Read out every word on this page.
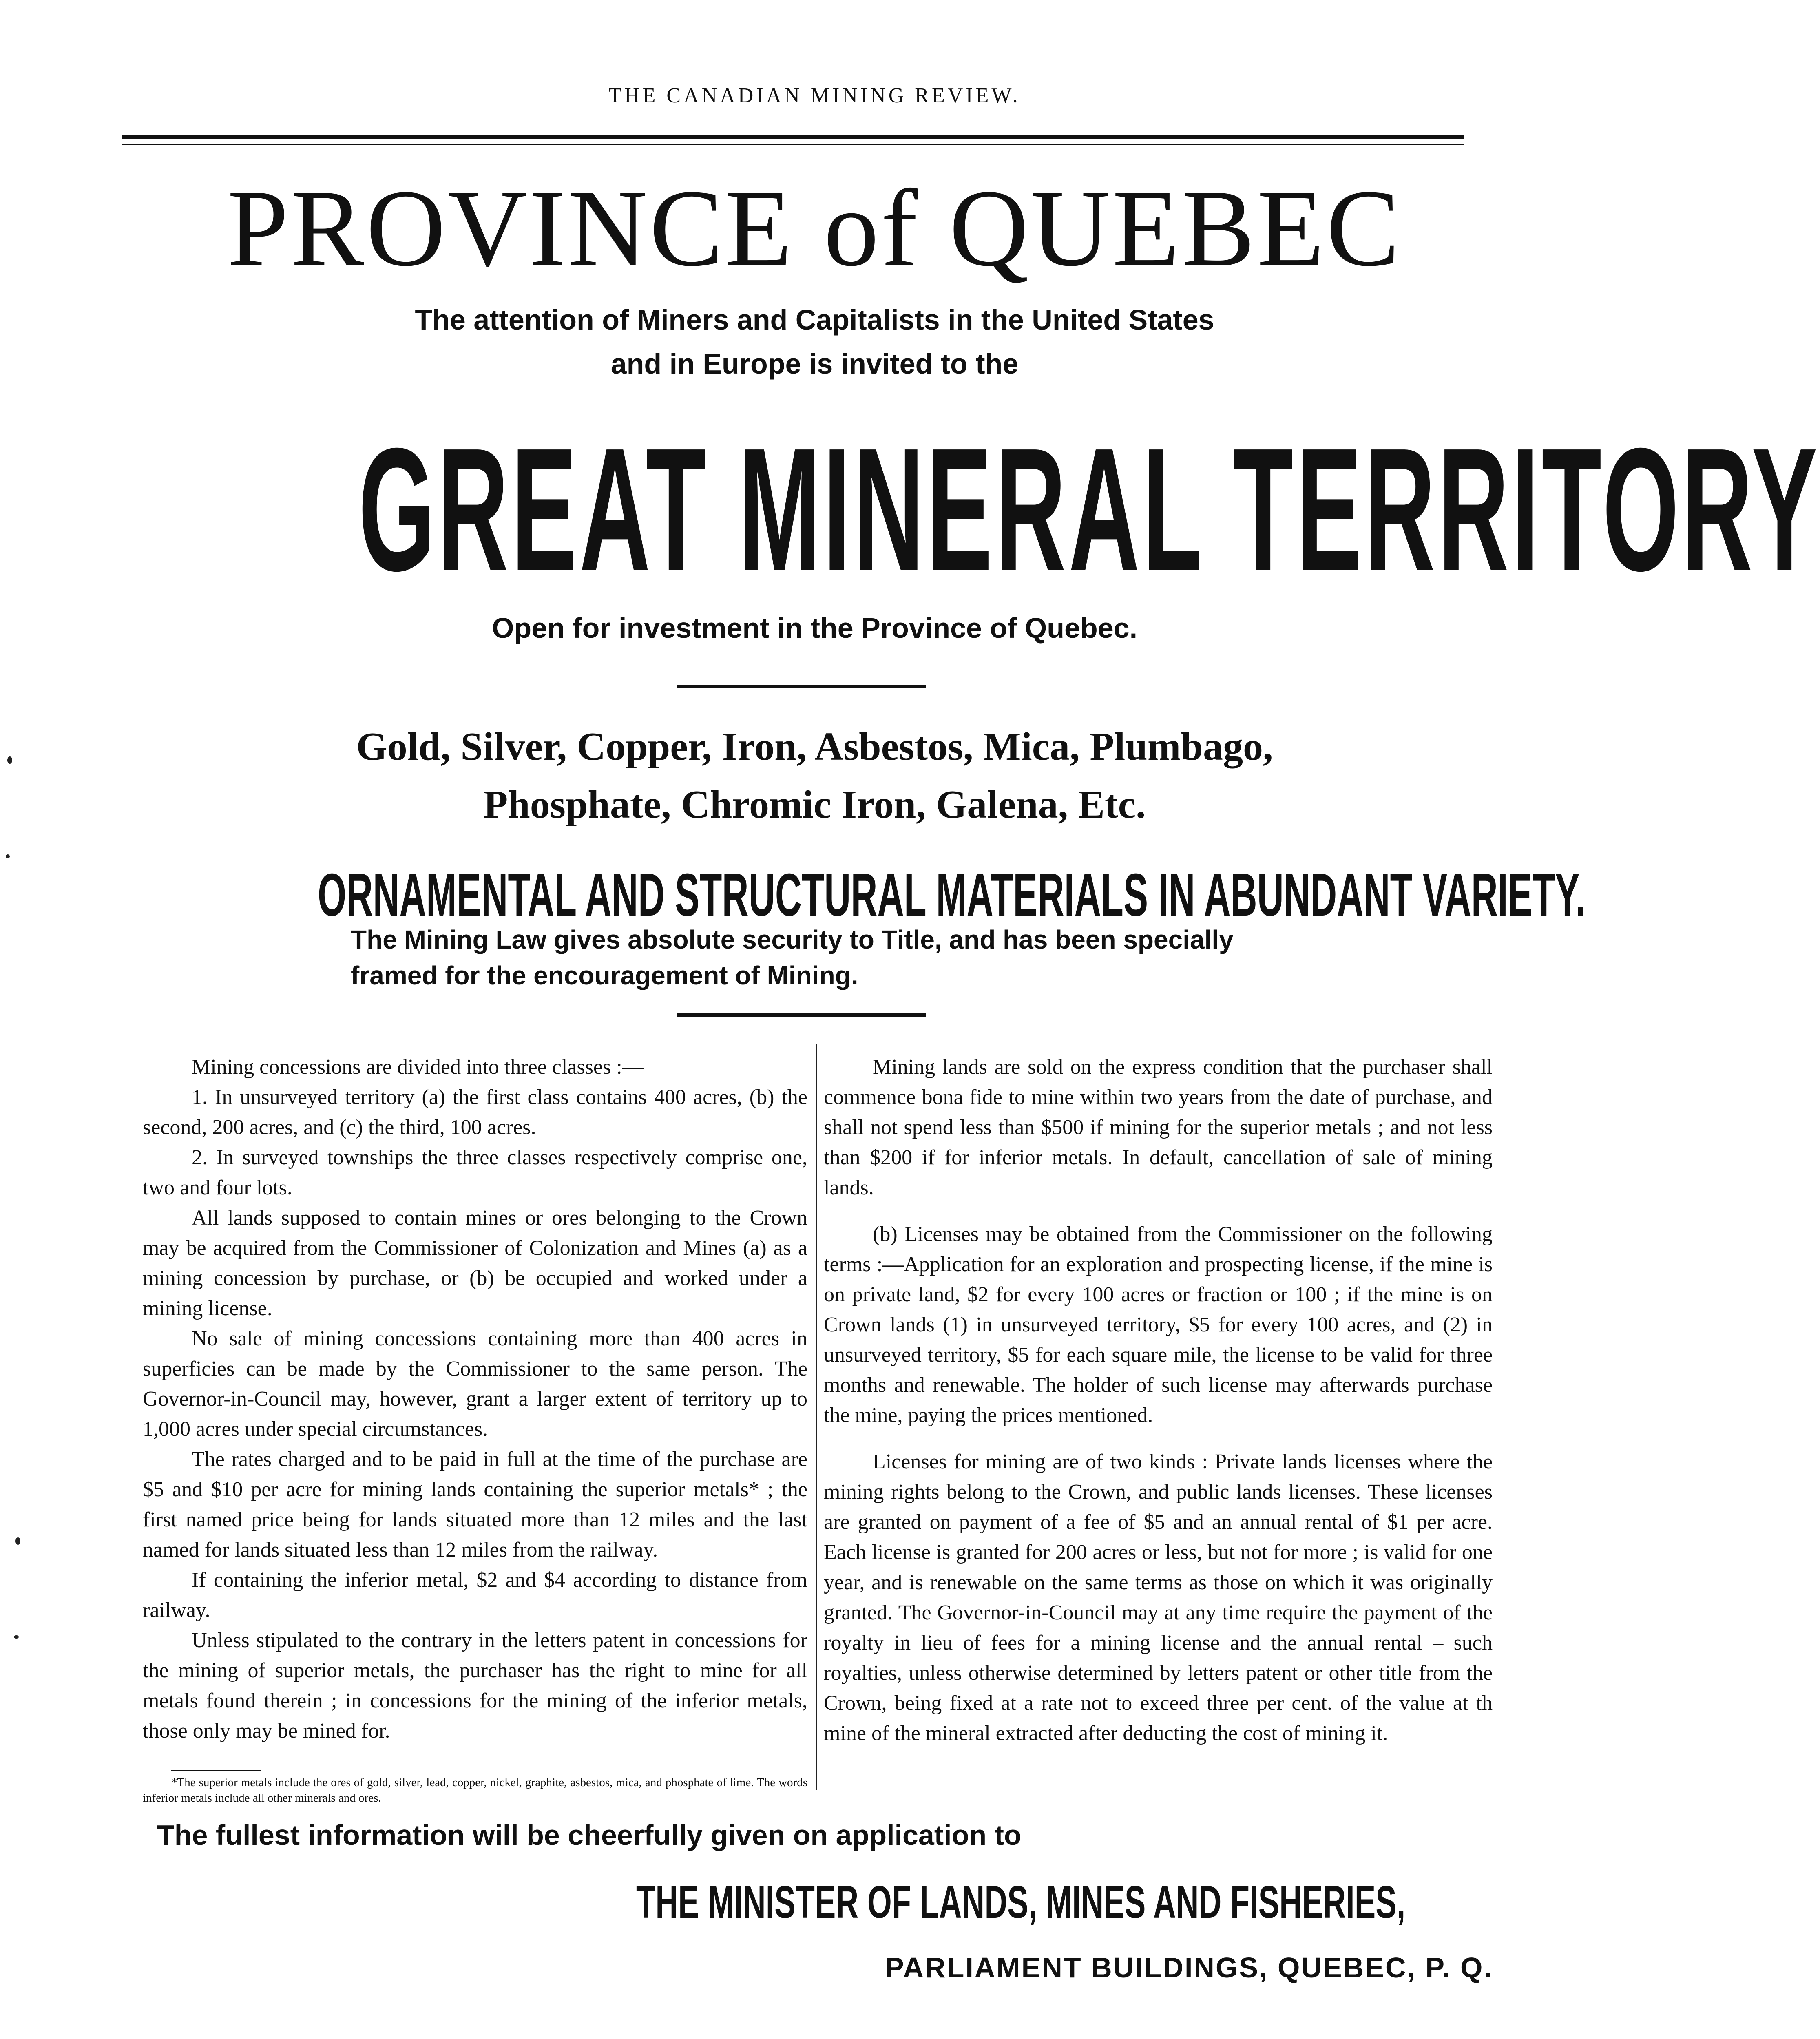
THE CANADIAN MINING REVIEW.
PROVINCE of QUEBEC
The attention of Miners and Capitalists in the United States
and in Europe is invited to the
GREAT MINERAL TERRITORY
Open for investment in the Province of Quebec.
Gold, Silver, Copper, Iron, Asbestos, Mica, Plumbago,
Phosphate, Chromic Iron, Galena, Etc.
ORNAMENTAL AND STRUCTURAL MATERIALS IN ABUNDANT VARIETY.
The Mining Law gives absolute security to Title, and has been specially framed for the encouragement of Mining.

Mining concessions are divided into three classes :—

1. In unsurveyed territory (a) the first class contains 400 acres, (b) the second, 200 acres, and (c) the third, 100 acres.

2. In surveyed townships the three classes respectively comprise one, two and four lots.

All lands supposed to contain mines or ores belonging to the Crown may be acquired from the Commissioner of Colonization and Mines (a) as a mining concession by purchase, or (b) be occupied and worked under a mining license.

No sale of mining concessions containing more than 400 acres in superficies can be made by the Commissioner to the same person. The Governor-in-Council may, however, grant a larger extent of territory up to 1,000 acres under special circumstances.

The rates charged and to be paid in full at the time of the purchase are $5 and $10 per acre for mining lands containing the superior metals* ; the first named price being for lands situated more than 12 miles and the last named for lands situated less than 12 miles from the railway.

If containing the inferior metal, $2 and $4 according to distance from railway.

Unless stipulated to the contrary in the letters patent in concessions for the mining of superior metals, the purchaser has the right to mine for all metals found therein ; in concessions for the mining of the inferior metals, those only may be mined for.

Mining lands are sold on the express condition that the purchaser shall commence bona fide to mine within two years from the date of purchase, and shall not spend less than $500 if mining for the superior metals ; and not less than $200 if for inferior metals. In default, cancellation of sale of mining lands.

(b) Licenses may be obtained from the Commissioner on the following terms :—Application for an exploration and prospecting license, if the mine is on private land, $2 for every 100 acres or fraction or 100 ; if the mine is on Crown lands (1) in unsurveyed territory, $5 for every 100 acres, and (2) in unsurveyed territory, $5 for each square mile, the license to be valid for three months and renewable. The holder of such license may afterwards purchase the mine, paying the prices mentioned.

Licenses for mining are of two kinds : Private lands licenses where the mining rights belong to the Crown, and public lands licenses. These licenses are granted on payment of a fee of $5 and an annual rental of $1 per acre. Each license is granted for 200 acres or less, but not for more ; is valid for one year, and is renewable on the same terms as those on which it was originally granted. The Governor-in-Council may at any time require the payment of the royalty in lieu of fees for a mining license and the annual rental – such royalties, unless otherwise determined by letters patent or other title from the Crown, being fixed at a rate not to exceed three per cent. of the value at th mine of the mineral extracted after deducting the cost of mining it.

*The superior metals include the ores of gold, silver, lead, copper, nickel, graphite, asbestos, mica, and phosphate of lime. The words inferior metals include all other minerals and ores.
The fullest information will be cheerfully given on application to
THE MINISTER OF LANDS, MINES AND FISHERIES,
PARLIAMENT BUILDINGS, QUEBEC, P. Q.
